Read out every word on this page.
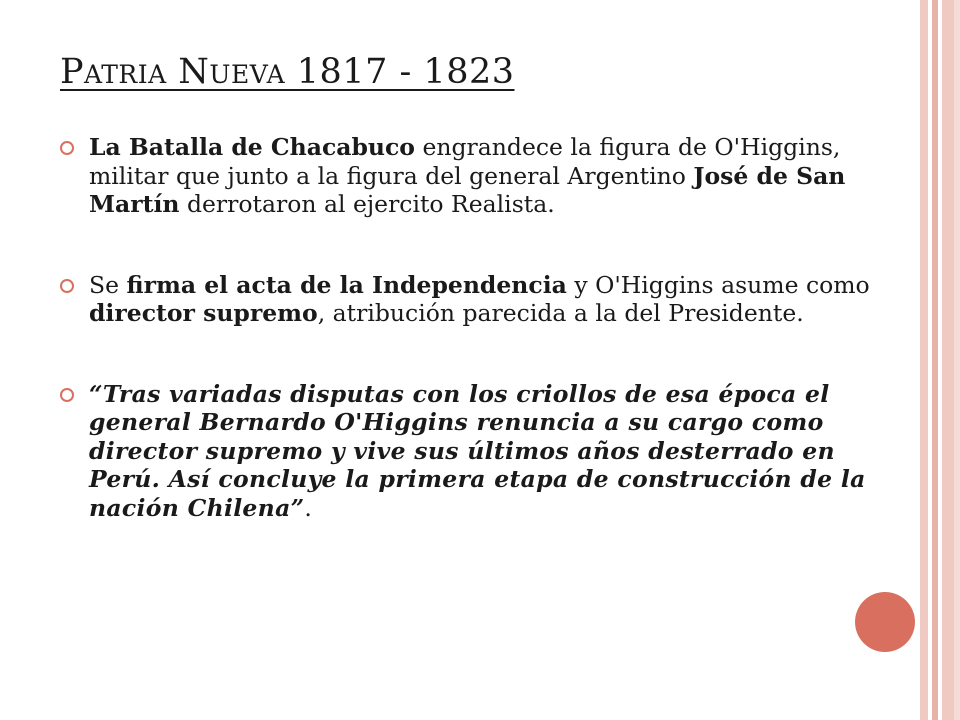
Patria Nueva 1817 - 1823
La Batalla de Chacabuco engrandece la figura de O'Higgins, militar que junto a la figura del general Argentino José de San Martín derrotaron al ejercito Realista.
Se firma el acta de la Independencia y O'Higgins asume como director supremo, atribución parecida a la del Presidente.
“Tras variadas disputas con los criollos de esa época el general Bernardo O'Higgins renuncia a su cargo como director supremo y vive sus últimos años desterrado en Perú. Así concluye la primera etapa de construcción de la nación Chilena”.
